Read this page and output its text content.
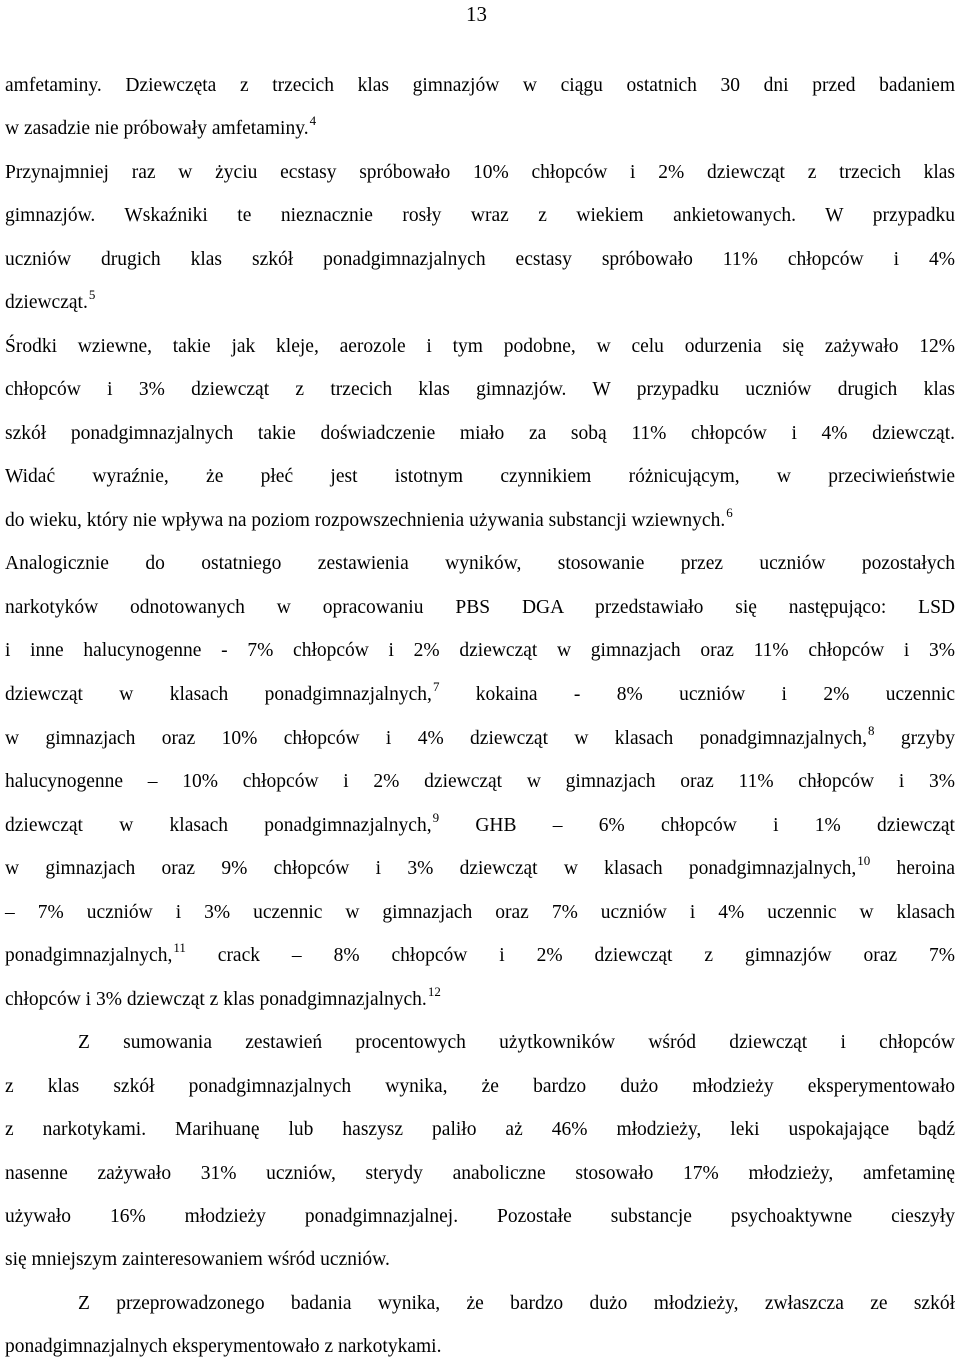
13
amfetaminy. Dziewczęta z trzecich klas gimnazjów w ciągu ostatnich 30 dni przed badaniem
w zasadzie nie próbowały amfetaminy.$^4$
Przynajmniej raz w życiu ecstasy spróbowało 10% chłopców i 2% dziewcząt z trzecich klas
gimnazjów. Wskaźniki te nieznacznie rosły wraz z wiekiem ankietowanych. W przypadku
uczniów drugich klas szkół ponadgimnazjalnych ecstasy spróbowało 11% chłopców i 4%
dziewcząt.$^5$
Środki wziewne, takie jak kleje, aerozole i tym podobne, w celu odurzenia się zażywało 12%
chłopców i 3% dziewcząt z trzecich klas gimnazjów. W przypadku uczniów drugich klas
szkół ponadgimnazjalnych takie doświadczenie miało za sobą 11% chłopców i 4% dziewcząt.
Widać wyraźnie, że płeć jest istotnym czynnikiem różnicującym, w przeciwieństwie
do wieku, który nie wpływa na poziom rozpowszechnienia używania substancji wziewnych.$^6$
Analogicznie do ostatniego zestawienia wyników, stosowanie przez uczniów pozostałych
narkotyków odnotowanych w opracowaniu PBS DGA przedstawiało się następująco: LSD
i inne halucynogenne - 7% chłopców i 2% dziewcząt w gimnazjach oraz 11% chłopców i 3%
dziewcząt w klasach ponadgimnazjalnych,$^7$ kokaina - 8% uczniów i 2% uczennic
w gimnazjach oraz 10% chłopców i 4% dziewcząt w klasach ponadgimnazjalnych,$^8$ grzyby
halucynogenne – 10% chłopców i 2% dziewcząt w gimnazjach oraz 11% chłopców i 3%
dziewcząt w klasach ponadgimnazjalnych,$^9$ GHB – 6% chłopców i 1% dziewcząt
w gimnazjach oraz 9% chłopców i 3% dziewcząt w klasach ponadgimnazjalnych,$^{10}$ heroina
– 7% uczniów i 3% uczennic w gimnazjach oraz 7% uczniów i 4% uczennic w klasach
ponadgimnazjalnych,$^{11}$ crack – 8% chłopców i 2% dziewcząt z gimnazjów oraz 7%
chłopców i 3% dziewcząt z klas ponadgimnazjalnych.$^{12}$
Z sumowania zestawień procentowych użytkowników wśród dziewcząt i chłopców
z klas szkół ponadgimnazjalnych wynika, że bardzo dużo młodzieży eksperymentowało
z narkotykami. Marihuanę lub haszysz paliło aż 46% młodzieży, leki uspokajające bądź
nasenne zażywało 31% uczniów, sterydy anaboliczne stosowało 17% młodzieży, amfetaminę
używało 16% młodzieży ponadgimnazjalnej. Pozostałe substancje psychoaktywne cieszyły
się mniejszym zainteresowaniem wśród uczniów.
Z przeprowadzonego badania wynika, że bardzo dużo młodzieży, zwłaszcza ze szkół
ponadgimnazjalnych eksperymentowało z narkotykami.
